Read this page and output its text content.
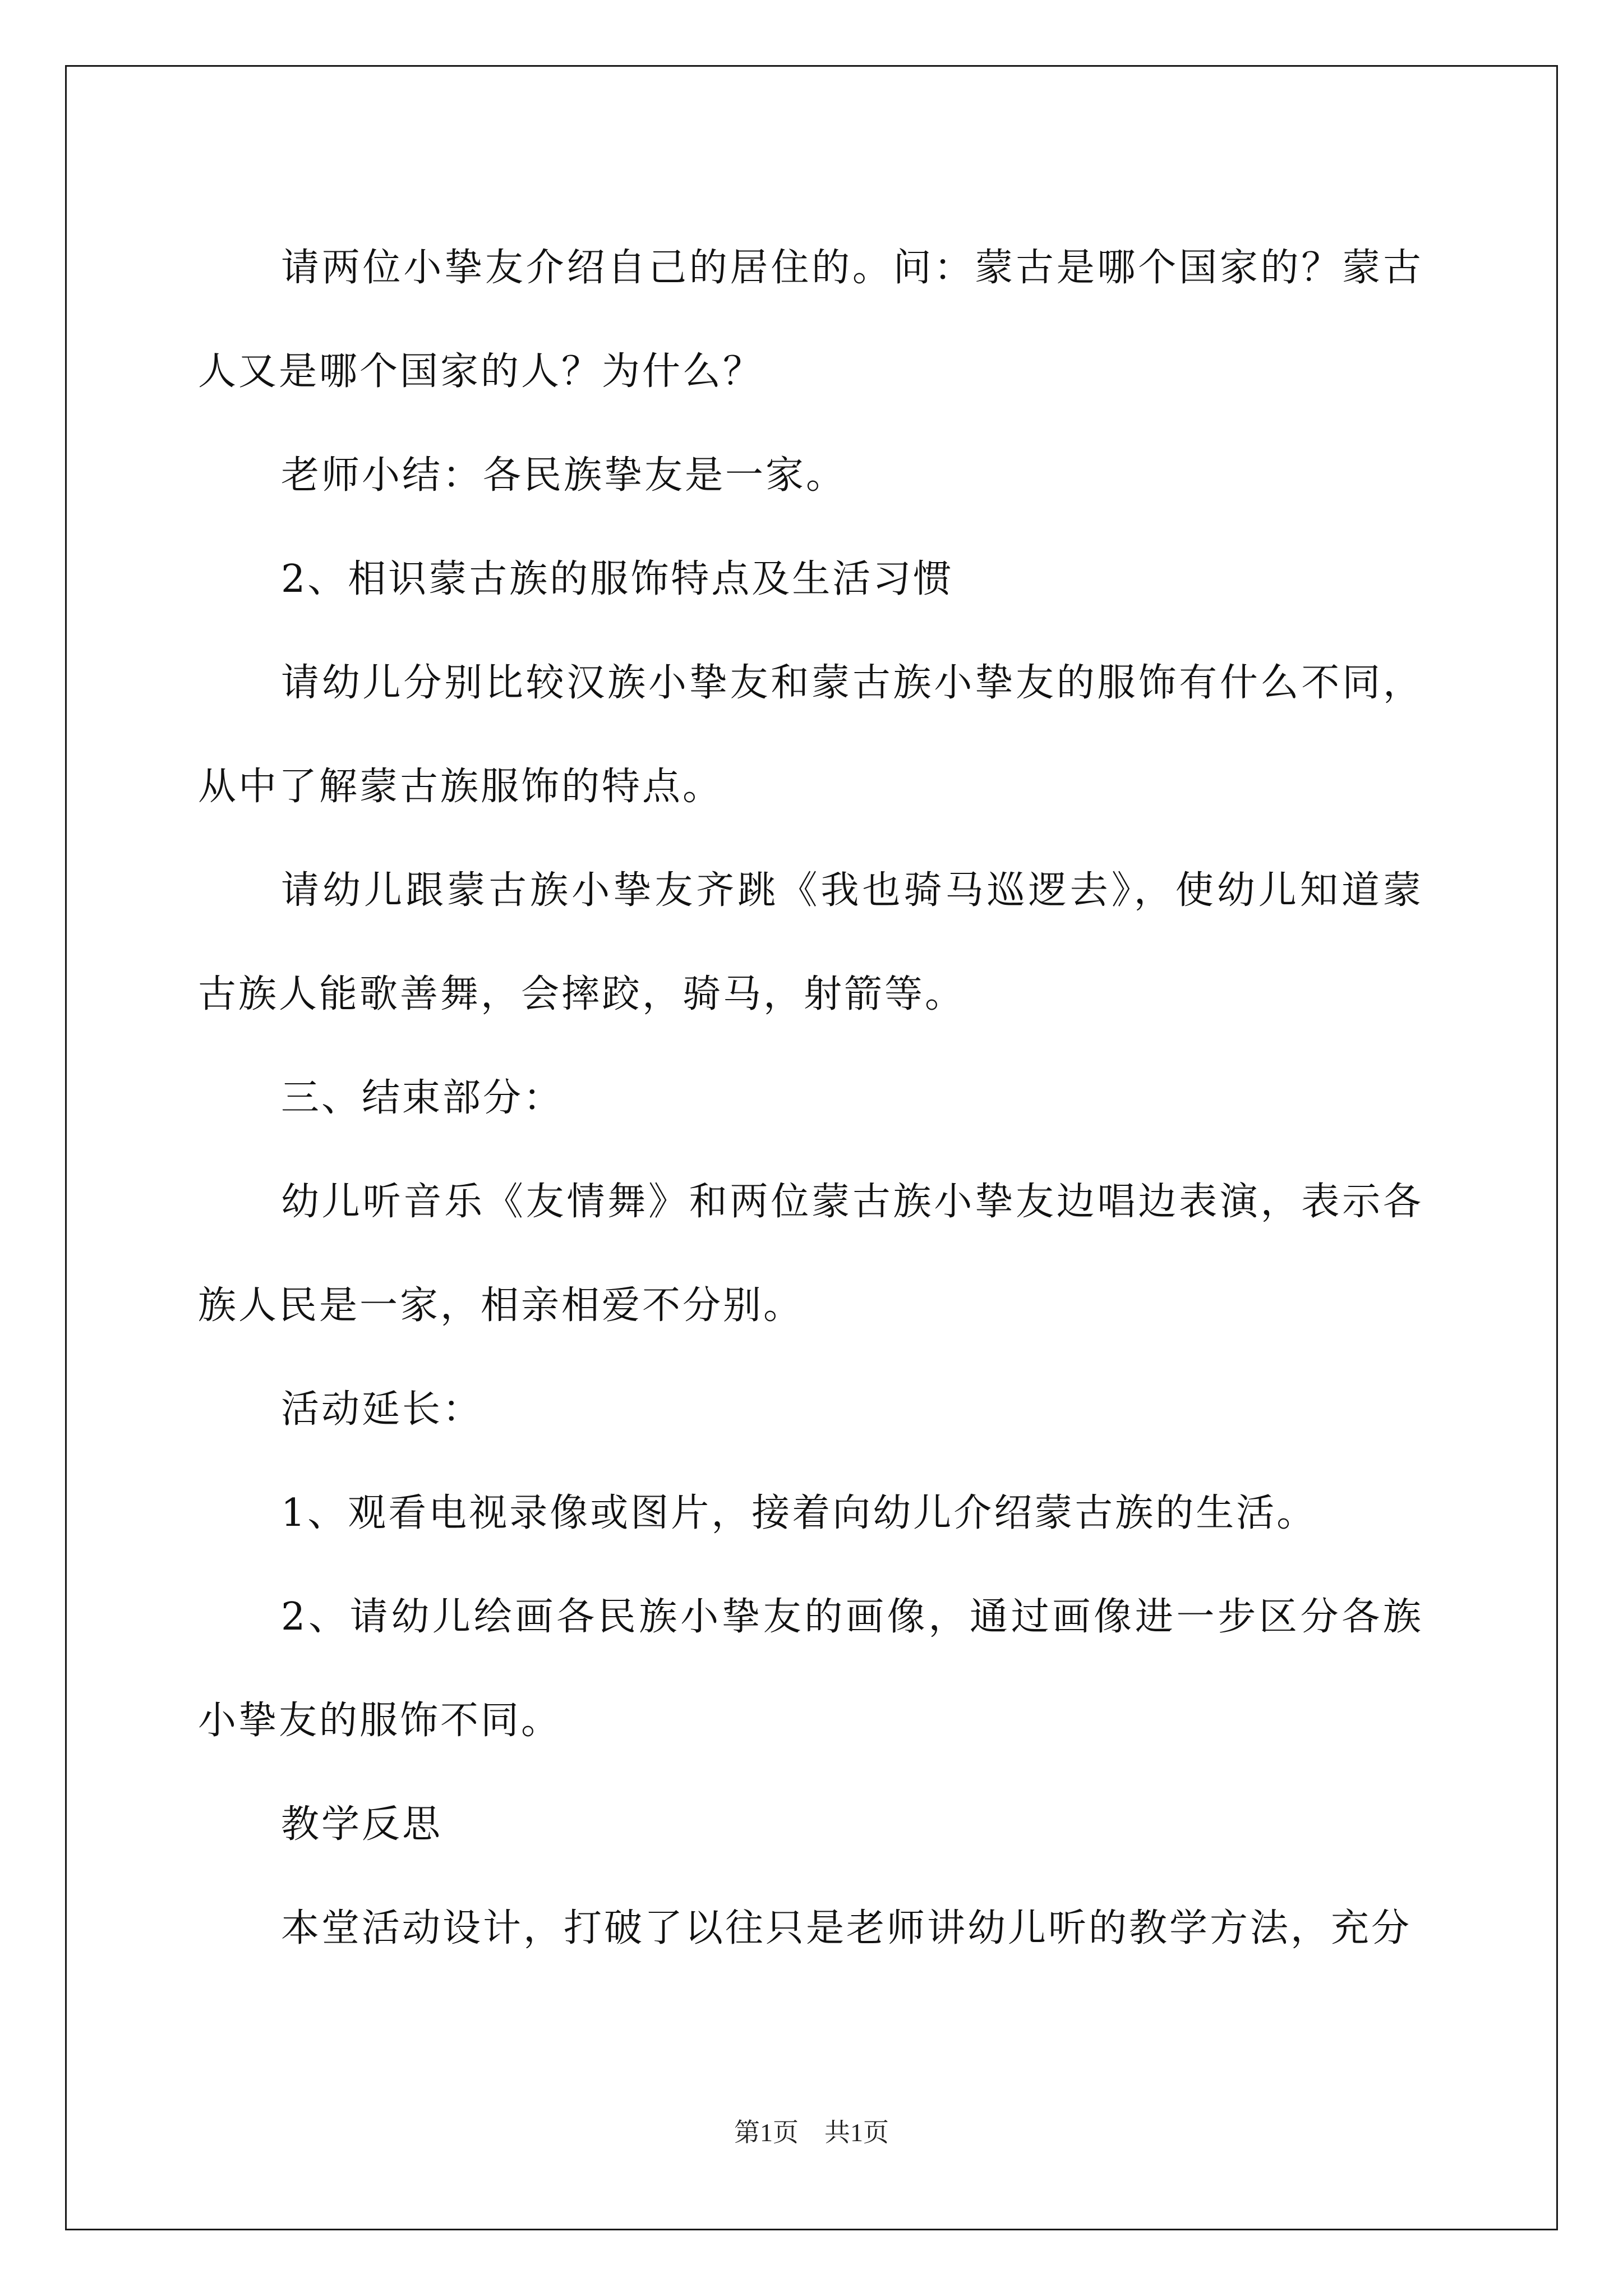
请两位小挚友介绍自己的居住的。问：蒙古是哪个国家的？蒙古人又是哪个国家的人？为什么？

老师小结：各民族挚友是一家。

2、相识蒙古族的服饰特点及生活习惯

请幼儿分别比较汉族小挚友和蒙古族小挚友的服饰有什么不同，从中了解蒙古族服饰的特点。

请幼儿跟蒙古族小挚友齐跳《我也骑马巡逻去》，使幼儿知道蒙古族人能歌善舞，会摔跤，骑马，射箭等。

三、结束部分：

幼儿听音乐《友情舞》和两位蒙古族小挚友边唱边表演，表示各族人民是一家，相亲相爱不分别。

活动延长：

1、观看电视录像或图片，接着向幼儿介绍蒙古族的生活。

2、请幼儿绘画各民族小挚友的画像，通过画像进一步区分各族小挚友的服饰不同。

教学反思

本堂活动设计，打破了以往只是老师讲幼儿听的教学方法，充分

第1页 共1页
